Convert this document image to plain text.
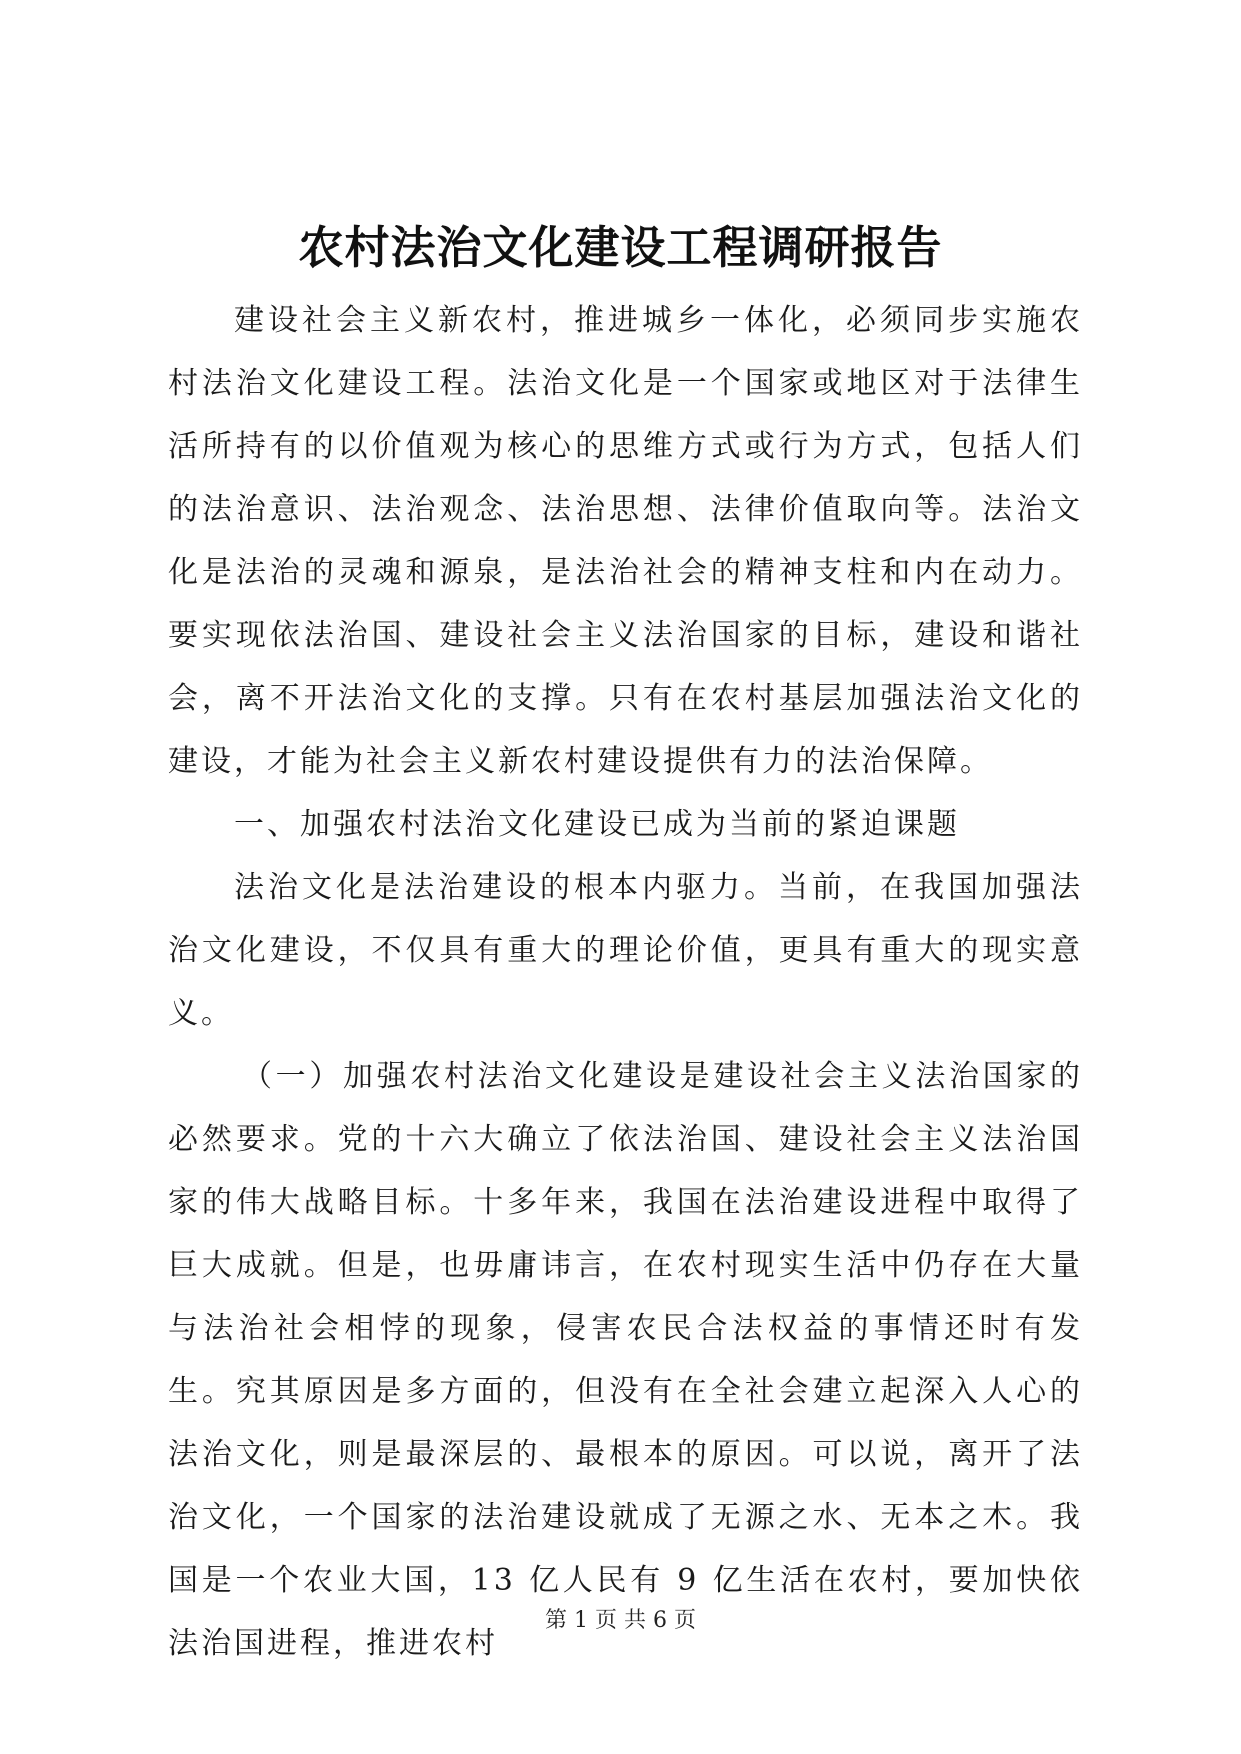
农村法治文化建设工程调研报告

建设社会主义新农村，推进城乡一体化，必须同步实施农村法治文化建设工程。法治文化是一个国家或地区对于法律生活所持有的以价值观为核心的思维方式或行为方式，包括人们的法治意识、法治观念、法治思想、法律价值取向等。法治文化是法治的灵魂和源泉，是法治社会的精神支柱和内在动力。要实现依法治国、建设社会主义法治国家的目标，建设和谐社会，离不开法治文化的支撑。只有在农村基层加强法治文化的建设，才能为社会主义新农村建设提供有力的法治保障。

一、加强农村法治文化建设已成为当前的紧迫课题

法治文化是法治建设的根本内驱力。当前，在我国加强法治文化建设，不仅具有重大的理论价值，更具有重大的现实意义。

（一）加强农村法治文化建设是建设社会主义法治国家的必然要求。党的十六大确立了依法治国、建设社会主义法治国家的伟大战略目标。十多年来，我国在法治建设进程中取得了巨大成就。但是，也毋庸讳言，在农村现实生活中仍存在大量与法治社会相悖的现象，侵害农民合法权益的事情还时有发生。究其原因是多方面的，但没有在全社会建立起深入人心的法治文化，则是最深层的、最根本的原因。可以说，离开了法治文化，一个国家的法治建设就成了无源之水、无本之木。我国是一个农业大国，13 亿人民有 9 亿生活在农村，要加快依法治国进程，推进农村

第 1 页 共 6 页
